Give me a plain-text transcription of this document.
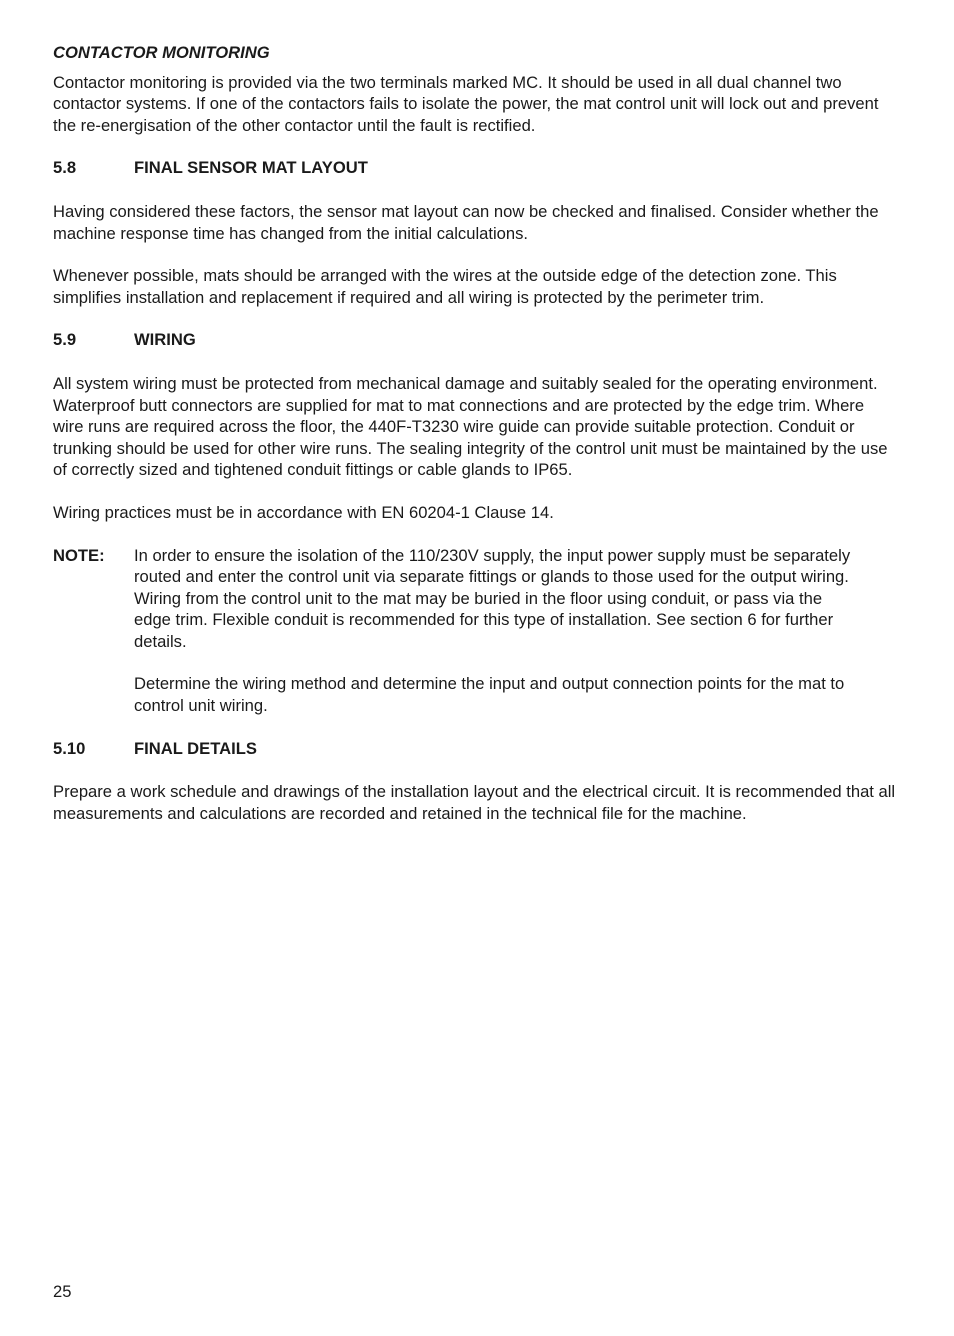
CONTACTOR MONITORING

Contactor monitoring is provided via the two terminals marked MC. It should be used in all dual channel two contactor systems. If one of the contactors fails to isolate the power, the mat control unit will lock out and prevent the re-energisation of the other contactor until the fault is rectified.

5.8	FINAL SENSOR MAT LAYOUT

Having considered these factors, the sensor mat layout can now be checked and finalised. Consider whether the machine response time has changed from the initial calculations.

Whenever possible, mats should be arranged with the wires at the outside edge of the detection zone. This simplifies installation and replacement if required and all wiring is protected by the perimeter trim.

5.9	WIRING

All system wiring must be protected from mechanical damage and suitably sealed for the operating environment. Waterproof butt connectors are supplied for mat to mat connections and are protected by the edge trim. Where wire runs are required across the floor, the 440F-T3230 wire guide can provide suitable protection. Conduit or trunking should be used for other wire runs. The sealing integrity of the control unit must be maintained by the use of correctly sized and tightened conduit fittings or cable glands to IP65.

Wiring practices must be in accordance with EN 60204-1 Clause 14.

NOTE:	In order to ensure the isolation of the 110/230V supply, the input power supply must be separately routed and enter the control unit via separate fittings or glands to those used for the output wiring. Wiring from the control unit to the mat may be buried in the floor using conduit, or pass via the edge trim. Flexible conduit is recommended for this type of installation. See section 6 for further details.

Determine the wiring method and determine the input and output connection points for the mat to control unit wiring.

5.10	FINAL DETAILS

Prepare a work schedule and drawings of the installation layout and the electrical circuit. It is recommended that all measurements and calculations are recorded and retained in the technical file for the machine.

25
